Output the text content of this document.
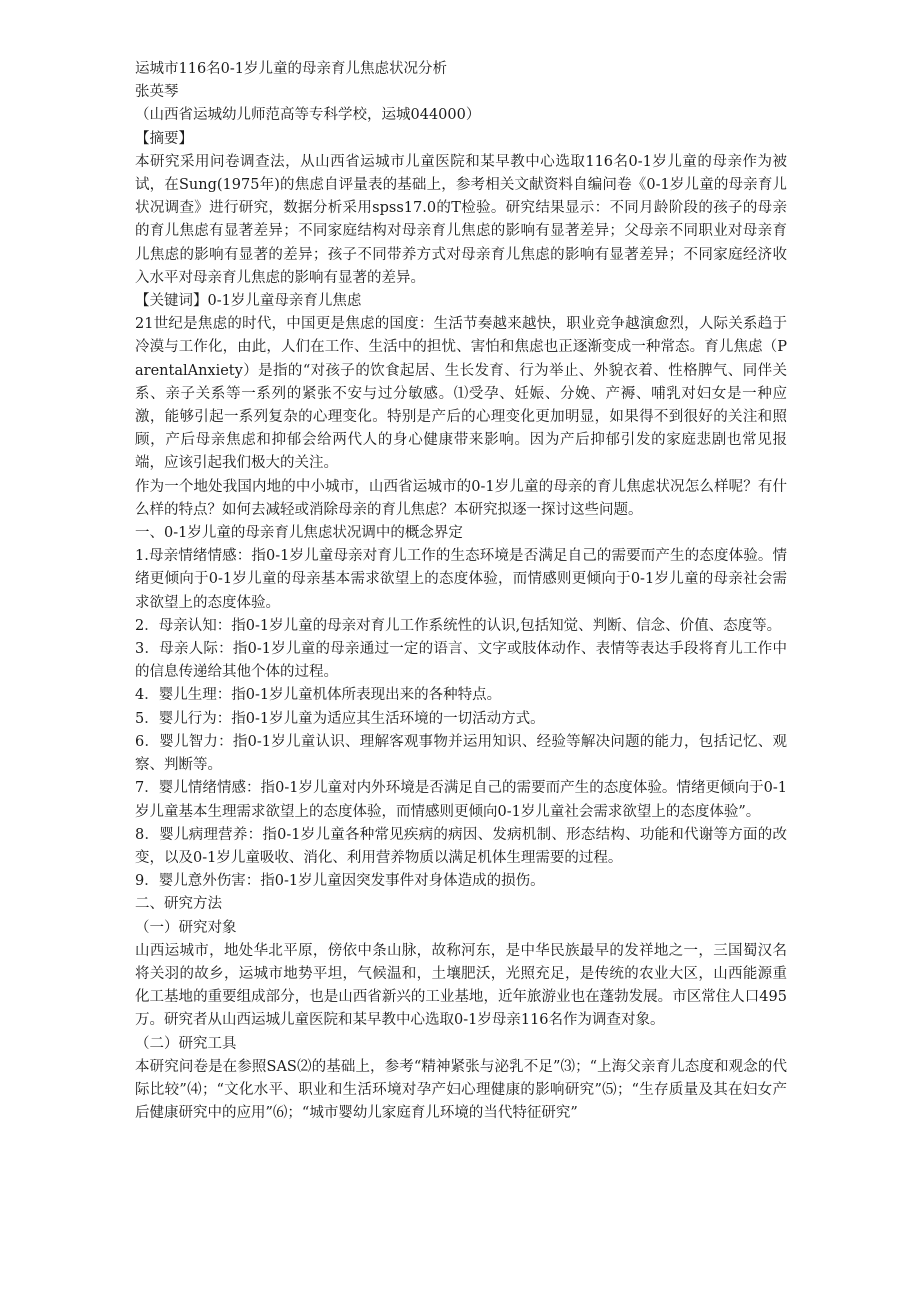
运城市116名0-1岁儿童的母亲育儿焦虑状况分析

张英琴

（山西省运城幼儿师范高等专科学校，运城044000）

【摘要】

本研究采用问卷调查法，从山西省运城市儿童医院和某早教中心选取116名0-1岁儿童的母亲作为被试，在Sung(1975年)的焦虑自评量表的基础上，参考相关文献资料自编问卷《0-1岁儿童的母亲育儿状况调查》进行研究，数据分析采用spss17.0的T检验。研究结果显示：不同月龄阶段的孩子的母亲的育儿焦虑有显著差异；不同家庭结构对母亲育儿焦虑的影响有显著差异；父母亲不同职业对母亲育儿焦虑的影响有显著的差异；孩子不同带养方式对母亲育儿焦虑的影响有显著差异；不同家庭经济收入水平对母亲育儿焦虑的影响有显著的差异。

【关键词】0-1岁儿童母亲育儿焦虑

21世纪是焦虑的时代，中国更是焦虑的国度：生活节奏越来越快，职业竞争越演愈烈，人际关系趋于冷漠与工作化，由此，人们在工作、生活中的担忧、害怕和焦虑也正逐渐变成一种常态。育儿焦虑（ParentalAnxiety）是指的“对孩子的饮食起居、生长发育、行为举止、外貌衣着、性格脾气、同伴关系、亲子关系等一系列的紧张不安与过分敏感。⑴受孕、妊娠、分娩、产褥、哺乳对妇女是一种应激，能够引起一系列复杂的心理变化。特别是产后的心理变化更加明显，如果得不到很好的关注和照顾，产后母亲焦虑和抑郁会给两代人的身心健康带来影响。因为产后抑郁引发的家庭悲剧也常见报端，应该引起我们极大的关注。

作为一个地处我国内地的中小城市，山西省运城市的0-1岁儿童的母亲的育儿焦虑状况怎么样呢？有什么样的特点？如何去减轻或消除母亲的育儿焦虑？本研究拟逐一探讨这些问题。

一、0-1岁儿童的母亲育儿焦虑状况调中的概念界定

1.母亲情绪情感：指0-1岁儿童母亲对育儿工作的生态环境是否满足自己的需要而产生的态度体验。情绪更倾向于0-1岁儿童的母亲基本需求欲望上的态度体验，而情感则更倾向于0-1岁儿童的母亲社会需求欲望上的态度体验。

2．母亲认知：指0-1岁儿童的母亲对育儿工作系统性的认识,包括知觉、判断、信念、价值、态度等。

3．母亲人际：指0-1岁儿童的母亲通过一定的语言、文字或肢体动作、表情等表达手段将育儿工作中的信息传递给其他个体的过程。

4．婴儿生理：指0-1岁儿童机体所表现出来的各种特点。

5．婴儿行为：指0-1岁儿童为适应其生活环境的一切活动方式。

6．婴儿智力：指0-1岁儿童认识、理解客观事物并运用知识、经验等解决问题的能力，包括记忆、观察、判断等。

7．婴儿情绪情感：指0-1岁儿童对内外环境是否满足自己的需要而产生的态度体验。情绪更倾向于0-1岁儿童基本生理需求欲望上的态度体验，而情感则更倾向0-1岁儿童社会需求欲望上的态度体验”。

8．婴儿病理营养：指0-1岁儿童各种常见疾病的病因、发病机制、形态结构、功能和代谢等方面的改变，以及0-1岁儿童吸收、消化、利用营养物质以满足机体生理需要的过程。

9．婴儿意外伤害：指0-1岁儿童因突发事件对身体造成的损伤。

二、研究方法

（一）研究对象

山西运城市，地处华北平原，傍依中条山脉，故称河东，是中华民族最早的发祥地之一，三国蜀汉名将关羽的故乡，运城市地势平坦，气候温和，土壤肥沃，光照充足，是传统的农业大区，山西能源重化工基地的重要组成部分，也是山西省新兴的工业基地，近年旅游业也在蓬勃发展。市区常住人口495万。研究者从山西运城儿童医院和某早教中心选取0-1岁母亲116名作为调查对象。

（二）研究工具

本研究问卷是在参照SAS⑵的基础上，参考“精神紧张与泌乳不足”⑶；“上海父亲育儿态度和观念的代际比较”⑷；“文化水平、职业和生活环境对孕产妇心理健康的影响研究”⑸；“生存质量及其在妇女产后健康研究中的应用”⑹；“城市婴幼儿家庭育儿环境的当代特征研究”
